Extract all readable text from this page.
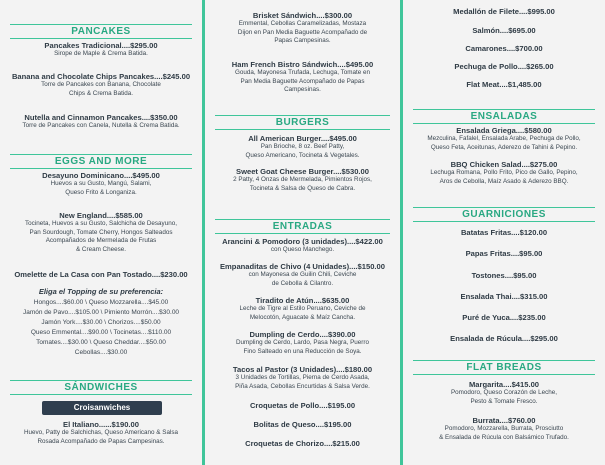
PANCAKES
Pancakes Tradicional....$295.00
Sirope de Maple & Crema Batida.
Banana and Chocolate Chips Pancakes....$245.00
Torre de Pancakes con Banana, Chocolate
Chips & Crema Batida.
Nutella and Cinnamon Pancakes....$350.00
Torre de Pancakes con Canela, Nutella & Crema Batida.
EGGS AND MORE
Desayuno Dominicano....$495.00
Huevos a su Gusto, Mangú, Salami,
Queso Frito & Longaniza.
New England....$585.00
Tocineta, Huevos a su Gusto, Salchicha de Desayuno,
Pan Sourdough, Tomate Cherry, Hongos Salteados
Acompañados de Mermelada de Frutas
& Cream Cheese.
Omelette de La Casa con Pan Tostado....$230.00
Eliga el Topping de su preferencia:
Hongos....$60.00 \ Queso Mozzarella....$45.00
Jamón de Pavo....$105.00 \ Pimiento Morrón....$30.00
Jamón York....$30.00 \ Chorizos....$50.00
Queso Emmental....$90.00 \ Tocinetas....$110.00
Tomates....$30.00 \ Queso Cheddar....$50.00
Cebollas....$30.00
SÁNDWICHES
Croisanwiches
El Italiano......$190.00
Huevo, Patty de Salchichas, Queso Americano & Salsa
Rosada Acompañado de Papas Campesinas.
Brisket Sándwich....$300.00
Emmental, Cebollas Caramelizadas, Mostaza
Dijon en Pan Media Baguette Acompañado de
Papas Campesinas.
Ham French Bistro Sándwich....$495.00
Gouda, Mayonesa Trufada, Lechuga, Tomate en
Pan Media Baguette Acompañado de Papas
Campesinas.
BURGERS
All American Burger....$495.00
Pan Brioche, 8 oz. Beef Patty,
Queso Americano, Tocineta & Vegetales.
Sweet Goat Cheese Burger....$530.00
2 Patty, 4 Onzas de Mermelada, Pimientos Rojos,
Tocineta & Salsa de Queso de Cabra.
ENTRADAS
Arancini & Pomodoro (3 unidades)....$422.00
con Queso Manchego.
Empanaditas de Chivo (4 Unidades)....$150.00
con Mayonesa de Guilin Chili, Ceviche
de Cebolla & Cilantro.
Tiradito de Atún....$635.00
Leche de Tigre al Estilo Peruano, Ceviche de
Melocotón, Aguacate & Maíz Cancha.
Dumpling de Cerdo....$390.00
Dumpling de Cerdo, Lardo, Pasa Negra, Puerro
Fino Salteado en una Reducción de Soya.
Tacos al Pastor (3 Unidades)....$180.00
3 Unidades de Tortillas, Pierna de Cerdo Asada,
Piña Asada, Cebollas Encurtidas & Salsa Verde.
Croquetas de Pollo....$195.00
Bolitas de Queso....$195.00
Croquetas de Chorizo....$215.00
Medallón de Filete....$995.00
Salmón....$695.00
Camarones....$700.00
Pechuga de Pollo....$265.00
Flat Meat....$1,485.00
ENSALADAS
Ensalada Griega....$580.00
Mezculina, Fafalel, Ensalada Arabe, Pechuga de Pollo,
Queso Feta, Aceitunas, Aderezo de Tahini & Pepino.
BBQ Chicken Salad....$275.00
Lechuga Romana, Pollo Frito, Pico de Gallo, Pepino,
Aros de Cebolla, Maíz Asado & Aderezo BBQ.
GUARNICIONES
Batatas Fritas....$120.00
Papas Fritas....$95.00
Tostones....$95.00
Ensalada Thai....$315.00
Puré de Yuca....$235.00
Ensalada de Rúcula....$295.00
FLAT BREADS
Margarita....$415.00
Pomodoro, Queso Corazón de Leche,
Pesto & Tomate Fresco.
Burrata....$760.00
Pomodoro, Mozzarella, Burrata, Prosciutto
& Ensalada de Rúcula con Balsámico Trufado.
